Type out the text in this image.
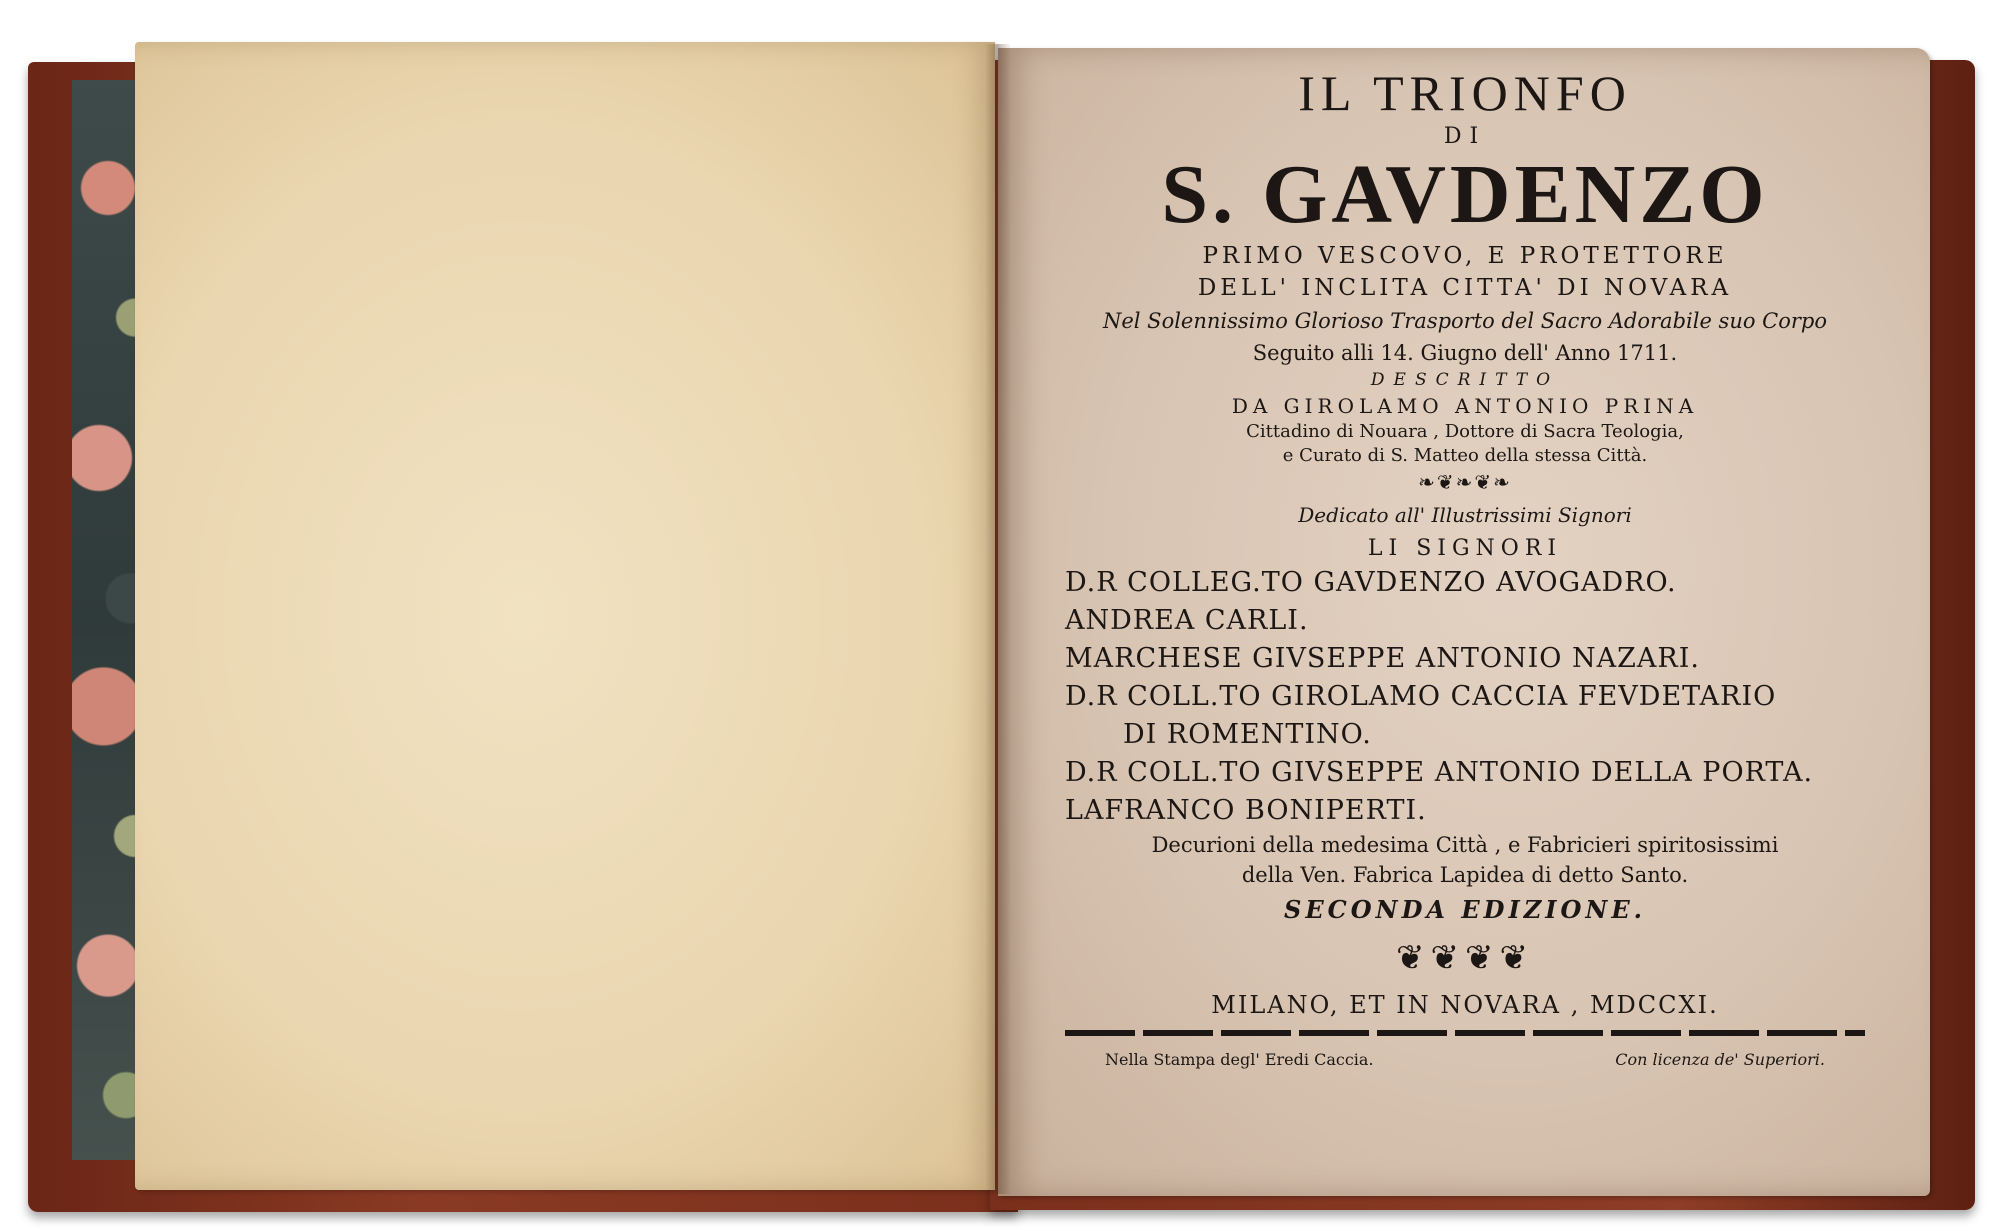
IL TRIONFO
DI
S. GAVDENZO
PRIMO VESCOVO, E PROTETTORE
DELL' INCLITA CITTA' DI NOVARA
Nel Solennissimo Glorioso Trasporto del Sacro Adorabile suo Corpo
Seguito alli 14. Giugno dell' Anno 1711.
DESCRITTO
DA GIROLAMO ANTONIO PRINA
Cittadino di Nouara , Dottore di Sacra Teologia,
e Curato di S. Matteo della stessa Città.
❧❦❧❦❧
Dedicato all' Illustrissimi Signori
LI SIGNORI
D.R COLLEG.TO GAVDENZO AVOGADRO.
ANDREA CARLI.
MARCHESE GIVSEPPE ANTONIO NAZARI.
D.R COLL.TO GIROLAMO CACCIA FEVDETARIO
DI ROMENTINO.
D.R COLL.TO GIVSEPPE ANTONIO DELLA PORTA.
LAFRANCO BONIPERTI.
Decurioni della medesima Città , e Fabricieri spiritosissimi
della Ven. Fabrica Lapidea di detto Santo.
SECONDA EDIZIONE.
❦❦❦❦
MILANO, ET IN NOVARA , MDCCXI.
Nella Stampa degl' Eredi Caccia.	Con licenza de' Superiori.
